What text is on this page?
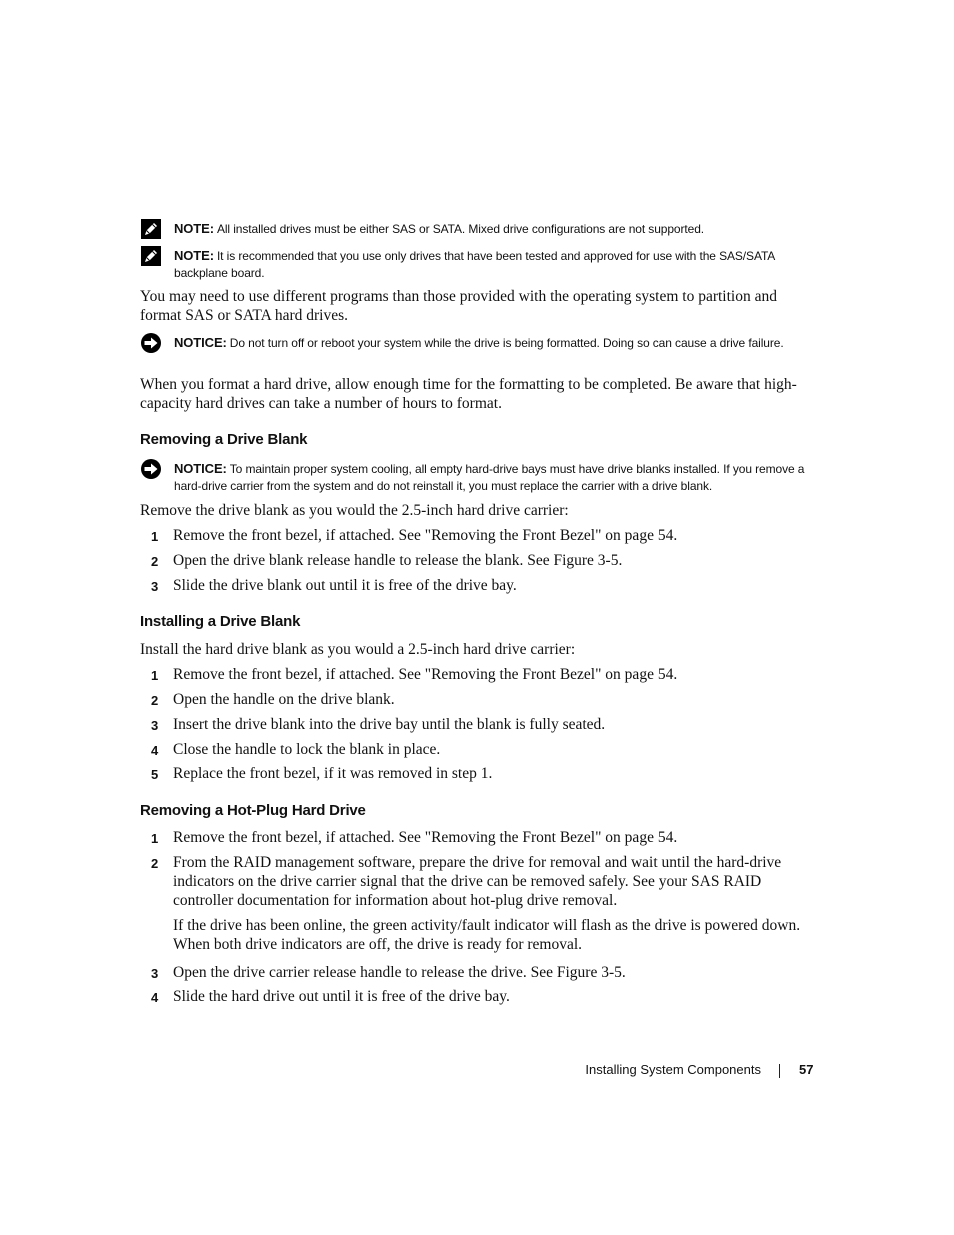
NOTE: All installed drives must be either SAS or SATA. Mixed drive configurations are not supported.
NOTE: It is recommended that you use only drives that have been tested and approved for use with the SAS/SATA backplane board.
You may need to use different programs than those provided with the operating system to partition and format SAS or SATA hard drives.
NOTICE: Do not turn off or reboot your system while the drive is being formatted. Doing so can cause a drive failure.
When you format a hard drive, allow enough time for the formatting to be completed. Be aware that high-capacity hard drives can take a number of hours to format.
Removing a Drive Blank
NOTICE: To maintain proper system cooling, all empty hard-drive bays must have drive blanks installed. If you remove a hard-drive carrier from the system and do not reinstall it, you must replace the carrier with a drive blank.
Remove the drive blank as you would the 2.5-inch hard drive carrier:
1 Remove the front bezel, if attached. See "Removing the Front Bezel" on page 54.
2 Open the drive blank release handle to release the blank. See Figure 3-5.
3 Slide the drive blank out until it is free of the drive bay.
Installing a Drive Blank
Install the hard drive blank as you would a 2.5-inch hard drive carrier:
1 Remove the front bezel, if attached. See "Removing the Front Bezel" on page 54.
2 Open the handle on the drive blank.
3 Insert the drive blank into the drive bay until the blank is fully seated.
4 Close the handle to lock the blank in place.
5 Replace the front bezel, if it was removed in step 1.
Removing a Hot-Plug Hard Drive
1 Remove the front bezel, if attached. See "Removing the Front Bezel" on page 54.
2 From the RAID management software, prepare the drive for removal and wait until the hard-drive indicators on the drive carrier signal that the drive can be removed safely. See your SAS RAID controller documentation for information about hot-plug drive removal.
If the drive has been online, the green activity/fault indicator will flash as the drive is powered down. When both drive indicators are off, the drive is ready for removal.
3 Open the drive carrier release handle to release the drive. See Figure 3-5.
4 Slide the hard drive out until it is free of the drive bay.
Installing System Components	57
